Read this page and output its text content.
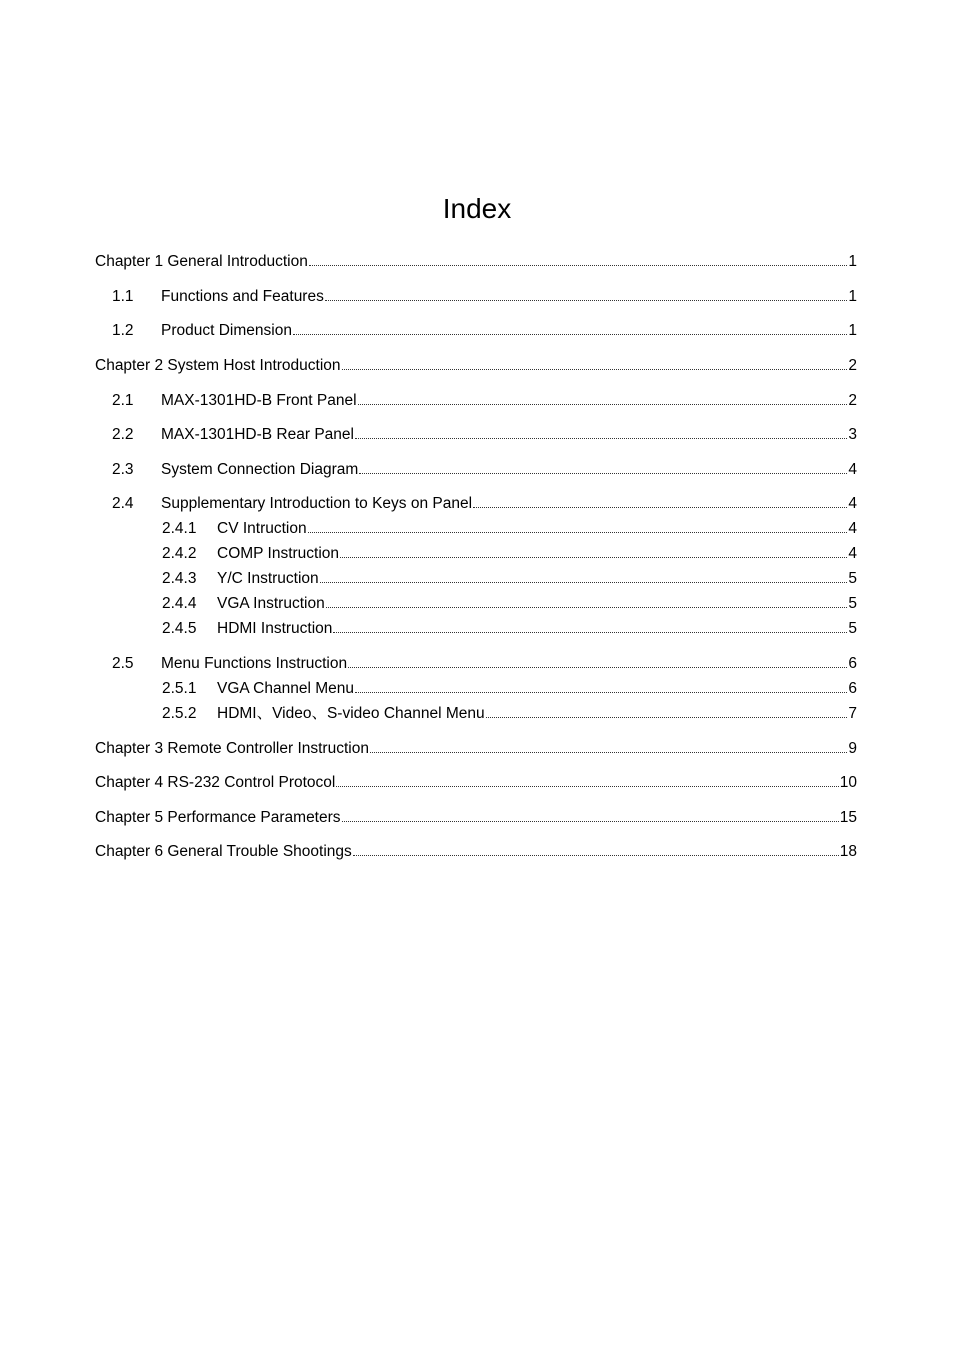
Index
Chapter 1 General Introduction	1
1.1	Functions and Features	1
1.2	Product Dimension	1
Chapter 2 System Host Introduction	2
2.1	MAX-1301HD-B Front Panel	2
2.2	MAX-1301HD-B Rear Panel	3
2.3	System Connection Diagram	4
2.4	Supplementary Introduction to Keys on Panel	4
2.4.1	CV Intruction	4
2.4.2	COMP Instruction	4
2.4.3	Y/C Instruction	5
2.4.4	VGA Instruction	5
2.4.5	HDMI Instruction	5
2.5	Menu Functions Instruction	6
2.5.1	VGA Channel Menu	6
2.5.2	HDMI、Video、S-video Channel Menu	7
Chapter 3 Remote Controller Instruction	9
Chapter 4 RS-232 Control Protocol	10
Chapter 5 Performance Parameters	15
Chapter 6 General Trouble Shootings	18
